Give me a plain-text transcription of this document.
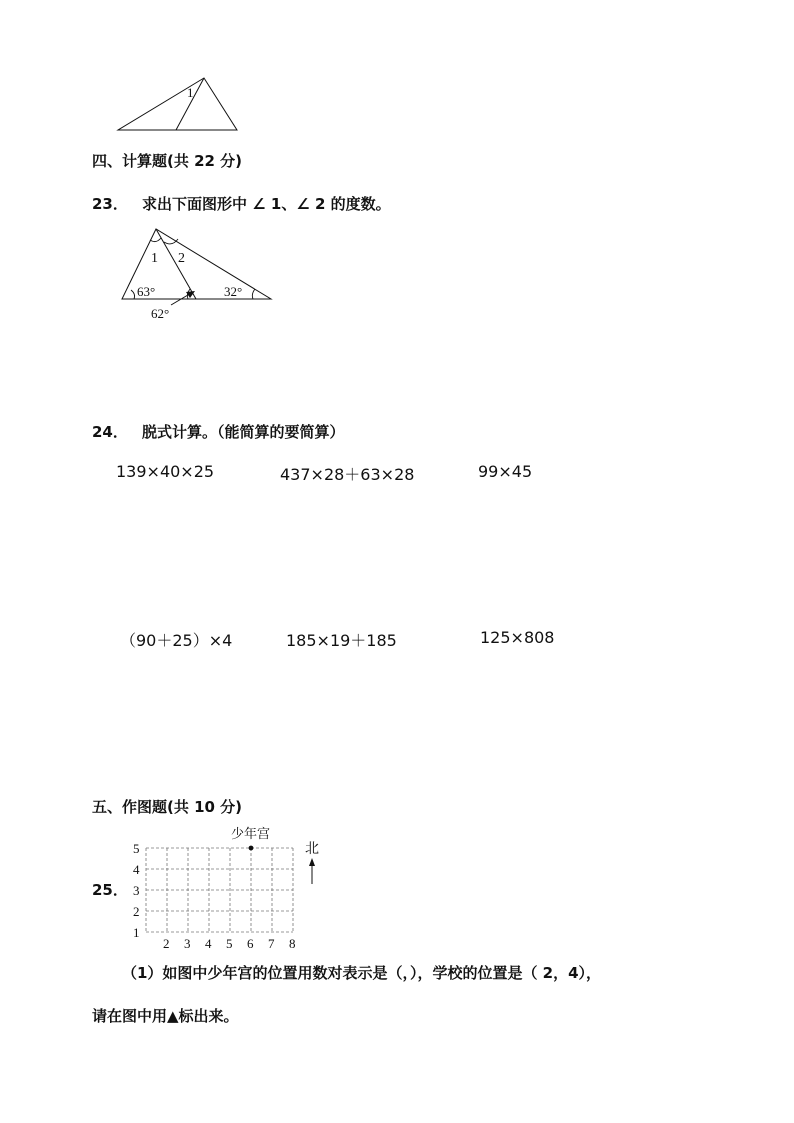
1
四、计算题(共 22 分)
23． 求出下面图形中 ∠ 1、∠ 2 的度数。
1 2
63°	32°
62°
24． 脱式计算。（能简算的要简算）
139×40×25	437×28＋63×28	99×45
（90＋25）×4	185×19＋185	125×808
五、作图题(共 10 分)
25．
5
4
3
2
1
2 3 4 5 6 7 8
少年宫
北
（1）如图中少年宫的位置用数对表示是（，），学校的位置是（ 2，4），
请在图中用▲标出来。
